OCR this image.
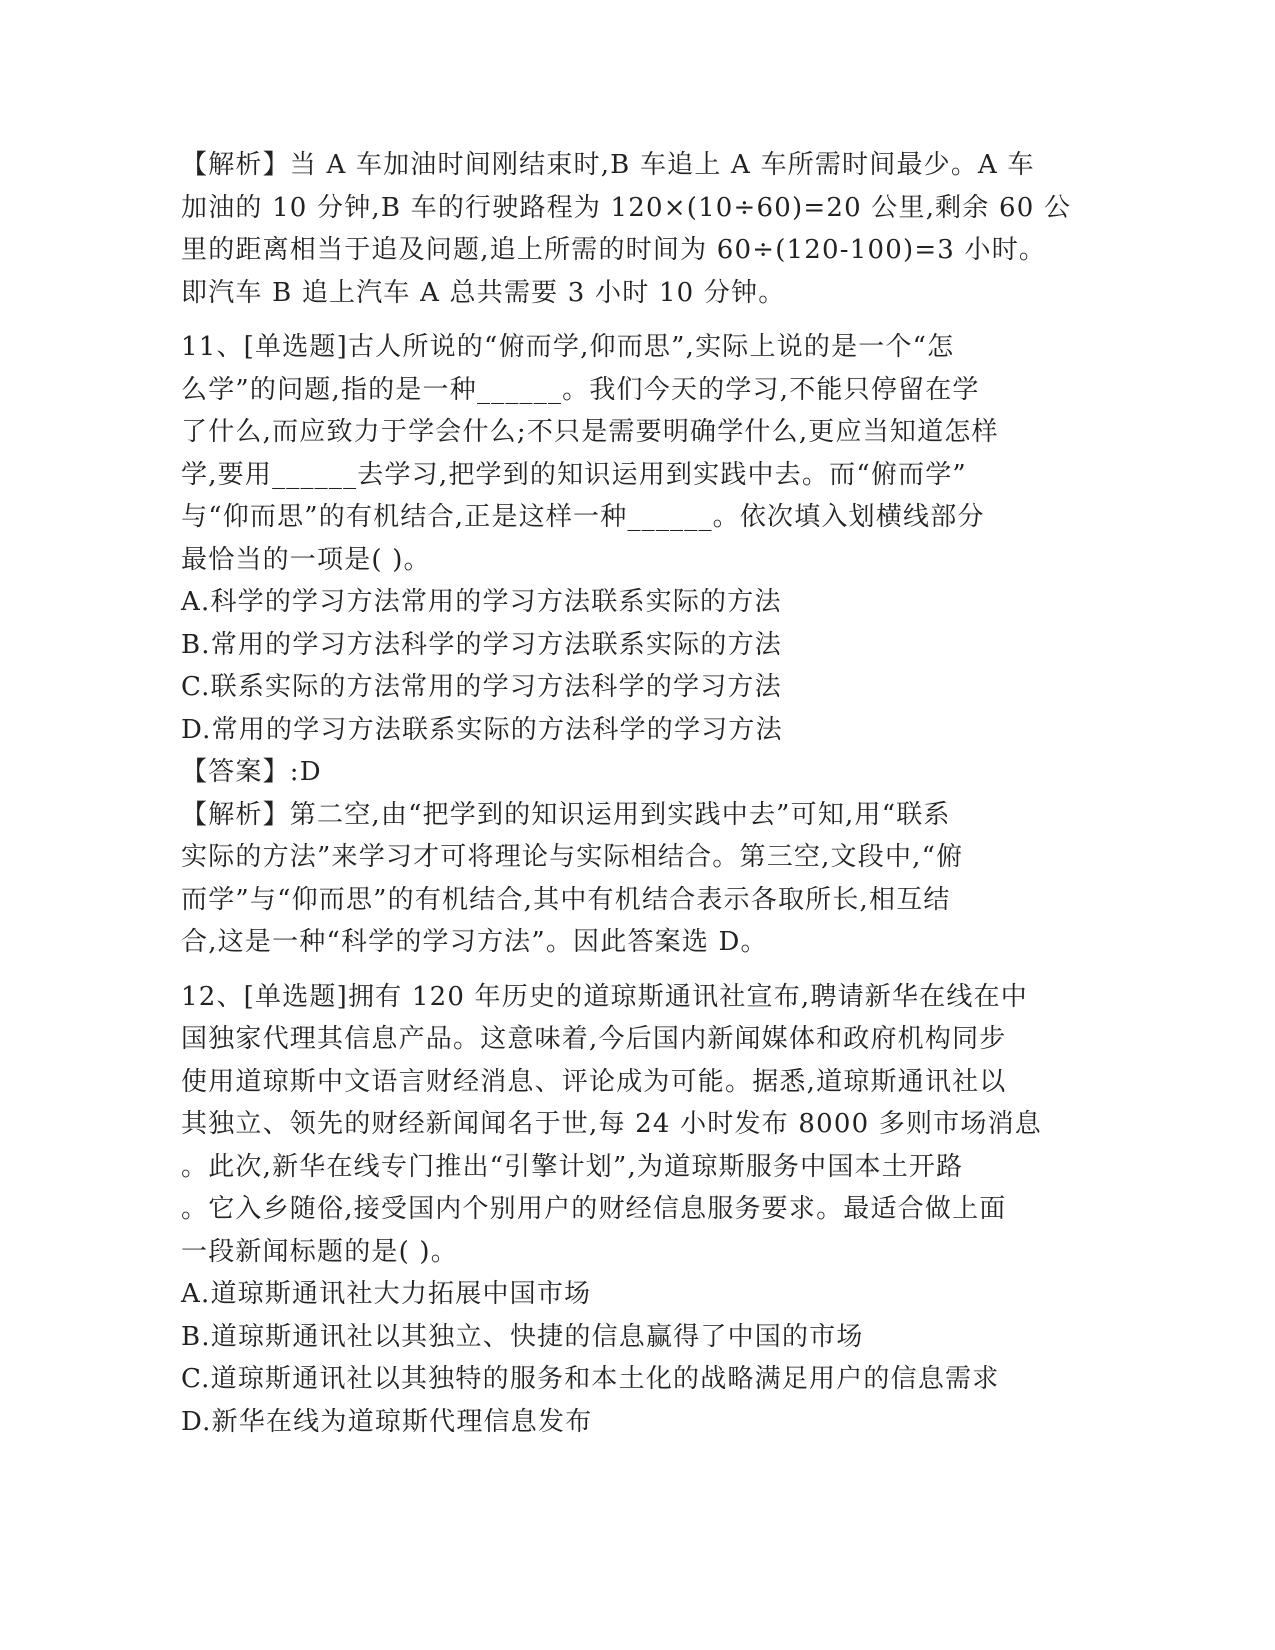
【解析】当 A 车加油时间刚结束时,B 车追上 A 车所需时间最少。A 车
加油的 10 分钟,B 车的行驶路程为 120×(10÷60)=20 公里,剩余 60 公
里的距离相当于追及问题,追上所需的时间为 60÷(120-100)=3 小时。
即汽车 B 追上汽车 A 总共需要 3 小时 10 分钟。
11、[单选题]古人所说的“俯而学,仰而思”,实际上说的是一个“怎
么学”的问题,指的是一种______。我们今天的学习,不能只停留在学
了什么,而应致力于学会什么;不只是需要明确学什么,更应当知道怎样
学,要用______去学习,把学到的知识运用到实践中去。而“俯而学”
与“仰而思”的有机结合,正是这样一种______。依次填入划横线部分
最恰当的一项是( )。
A.科学的学习方法常用的学习方法联系实际的方法
B.常用的学习方法科学的学习方法联系实际的方法
C.联系实际的方法常用的学习方法科学的学习方法
D.常用的学习方法联系实际的方法科学的学习方法
【答案】:D
【解析】第二空,由“把学到的知识运用到实践中去”可知,用“联系
实际的方法”来学习才可将理论与实际相结合。第三空,文段中,“俯
而学”与“仰而思”的有机结合,其中有机结合表示各取所长,相互结
合,这是一种“科学的学习方法”。因此答案选 D。
12、[单选题]拥有 120 年历史的道琼斯通讯社宣布,聘请新华在线在中
国独家代理其信息产品。这意味着,今后国内新闻媒体和政府机构同步
使用道琼斯中文语言财经消息、评论成为可能。据悉,道琼斯通讯社以
其独立、领先的财经新闻闻名于世,每 24 小时发布 8000 多则市场消息
。此次,新华在线专门推出“引擎计划”,为道琼斯服务中国本土开路
。它入乡随俗,接受国内个别用户的财经信息服务要求。最适合做上面
一段新闻标题的是( )。
A.道琼斯通讯社大力拓展中国市场
B.道琼斯通讯社以其独立、快捷的信息赢得了中国的市场
C.道琼斯通讯社以其独特的服务和本土化的战略满足用户的信息需求
D.新华在线为道琼斯代理信息发布
